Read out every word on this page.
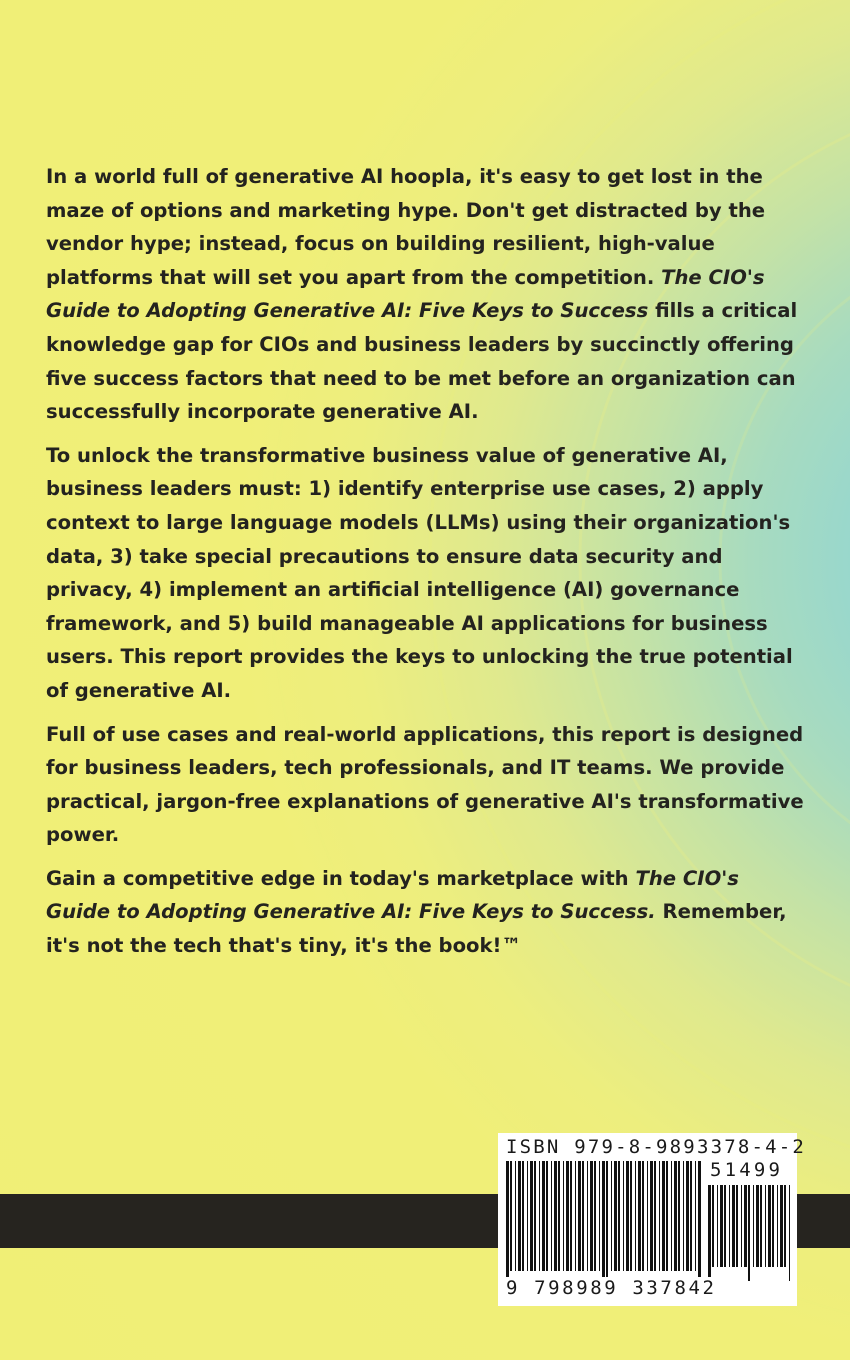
In a world full of generative AI hoopla, it's easy to get lost in the maze of options and marketing hype. Don't get distracted by the vendor hype; instead, focus on building resilient, high-value platforms that will set you apart from the competition. The CIO's Guide to Adopting Generative AI: Five Keys to Success fills a critical knowledge gap for CIOs and business leaders by succinctly offering five success factors that need to be met before an organization can successfully incorporate generative AI.

To unlock the transformative business value of generative AI, business leaders must: 1) identify enterprise use cases, 2) apply context to large language models (LLMs) using their organization's data, 3) take special precautions to ensure data security and privacy, 4) implement an artificial intelligence (AI) governance framework, and 5) build manageable AI applications for business users. This report provides the keys to unlocking the true potential of generative AI.

Full of use cases and real-world applications, this report is designed for business leaders, tech professionals, and IT teams. We provide practical, jargon-free explanations of generative AI's transformative power.

Gain a competitive edge in today's marketplace with The CIO's Guide to Adopting Generative AI: Five Keys to Success. Remember, it's not the tech that's tiny, it's the book!™

ISBN 979-8-9893378-4-2
51499
9 798989 337842
